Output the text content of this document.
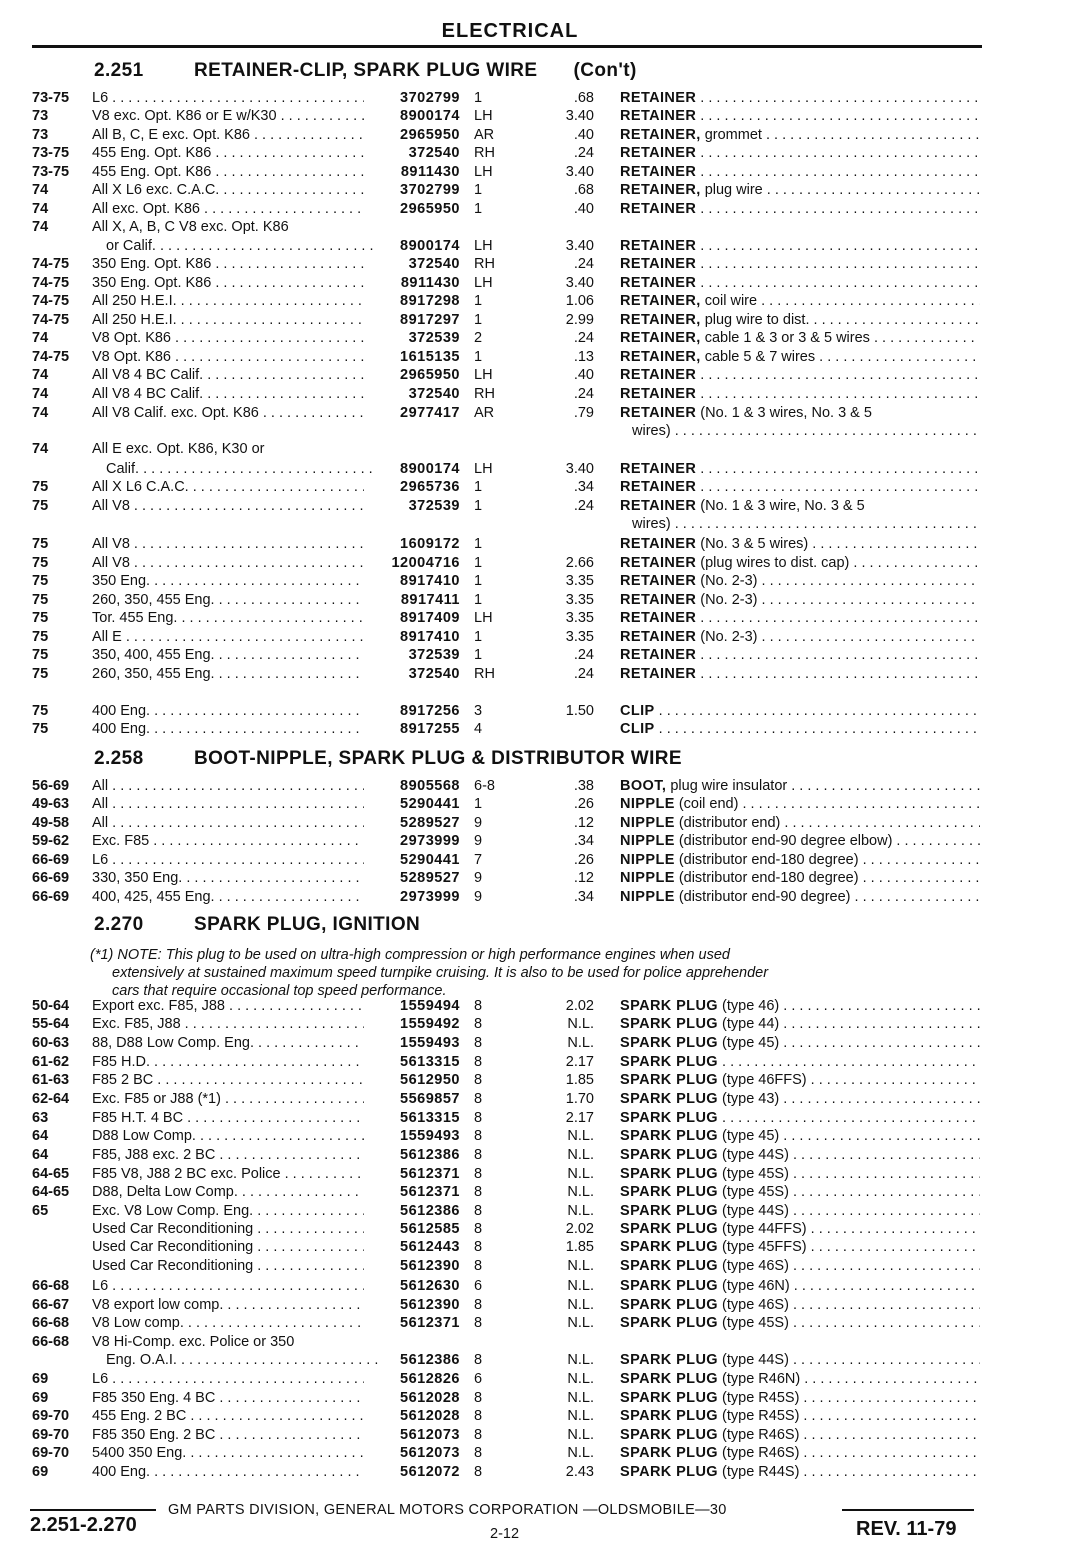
ELECTRICAL
2.251	RETAINER-CLIP, SPARK PLUG WIRE (Con't)
73-75	L6 . . .	3702799 1	.68 RETAINER . . .
73	V8 exc. Opt. K86 or E w/K30 . . .	8900174 LH	3.40 RETAINER . . .
73	All B, C, E exc. Opt. K86 . . .	2965950 AR	.40 RETAINER, grommet . . .
73-75	455 Eng. Opt. K86 . . .	372540 RH	.24 RETAINER . . .
73-75	455 Eng. Opt. K86 . . .	8911430 LH	3.40 RETAINER . . .
74	All X L6 exc. C.A.C. . . .	3702799 1	.68 RETAINER, plug wire . . .
74	All exc. Opt. K86 . . .	2965950 1	.40 RETAINER . . .
74	All X, A, B, C V8 exc. Opt. K86
or Calif. . . .	8900174 LH	3.40 RETAINER . . .
74-75	350 Eng. Opt. K86 . . .	372540 RH	.24 RETAINER . . .
74-75	350 Eng. Opt. K86 . . .	8911430 LH	3.40 RETAINER . . .
74-75	All 250 H.E.I. . . .	8917298 1	1.06 RETAINER, coil wire . . .
74-75	All 250 H.E.I. . . .	8917297 1	2.99 RETAINER, plug wire to dist. . . .
74	V8 Opt. K86 . . .	372539 2	.24 RETAINER, cable 1 & 3 or 3 & 5 wires . . .
74-75	V8 Opt. K86 . . .	1615135 1	.13 RETAINER, cable 5 & 7 wires . . .
74	All V8 4 BC Calif. . . .	2965950 LH	.40 RETAINER . . .
74	All V8 4 BC Calif. . . .	372540 RH	.24 RETAINER . . .
74	All V8 Calif. exc. Opt. K86 . . .	2977417 AR	.79 RETAINER (No. 1 & 3 wires, No. 3 & 5
wires) . . .
74	All E exc. Opt. K86, K30 or
Calif. . . .	8900174 LH	3.40 RETAINER . . .
75	All X L6 C.A.C. . . .	2965736 1	.34 RETAINER . . .
75	All V8 . . .	372539 1	.24 RETAINER (No. 1 & 3 wire, No. 3 & 5
wires) . . .
75	All V8 . . .	1609172 1	RETAINER (No. 3 & 5 wires) . . .
75	All V8 . . .	12004716 1	2.66 RETAINER (plug wires to dist. cap) . . .
75	350 Eng. . . .	8917410 1	3.35 RETAINER (No. 2-3) . . .
75	260, 350, 455 Eng. . . .	8917411 1	3.35 RETAINER (No. 2-3) . . .
75	Tor. 455 Eng. . . .	8917409 LH	3.35 RETAINER . . .
75	All E . . .	8917410 1	3.35 RETAINER (No. 2-3) . . .
75	350, 400, 455 Eng. . . .	372539 1	.24 RETAINER . . .
75	260, 350, 455 Eng. . . .	372540 RH	.24 RETAINER . . .
75	400 Eng. . . .	8917256 3	1.50 CLIP . . .
75	400 Eng. . . .	8917255 4	CLIP . . .
2.258	BOOT-NIPPLE, SPARK PLUG & DISTRIBUTOR WIRE
56-69	All . . .	8905568 6-8	.38 BOOT, plug wire insulator . . .
49-63	All . . .	5290441 1	.26 NIPPLE (coil end) . . .
49-58	All . . .	5289527 9	.12 NIPPLE (distributor end) . . .
59-62	Exc. F85 . . .	2973999 9	.34 NIPPLE (distributor end-90 degree elbow) . . .
66-69	L6 . . .	5290441 7	.26 NIPPLE (distributor end-180 degree) . . .
66-69	330, 350 Eng. . . .	5289527 9	.12 NIPPLE (distributor end-180 degree) . . .
66-69	400, 425, 455 Eng. . . .	2973999 9	.34 NIPPLE (distributor end-90 degree) . . .
2.270	SPARK PLUG, IGNITION
(*1) NOTE: This plug to be used on ultra-high compression or high performance engines when used
extensively at sustained maximum speed turnpike cruising. It is also to be used for police apprehender
cars that require occasional top speed performance.
50-64	Export exc. F85, J88 . . .	1559494 8	2.02 SPARK PLUG (type 46) . . .
55-64	Exc. F85, J88 . . .	1559492 8	N.L. SPARK PLUG (type 44) . . .
60-63	88, D88 Low Comp. Eng. . . .	1559493 8	N.L. SPARK PLUG (type 45) . . .
61-62	F85 H.D. . . .	5613315 8	2.17 SPARK PLUG . . .
61-63	F85 2 BC . . .	5612950 8	1.85 SPARK PLUG (type 46FFS) . . .
62-64	Exc. F85 or J88 (*1) . . .	5569857 8	1.70 SPARK PLUG (type 43) . . .
63	F85 H.T. 4 BC . . .	5613315 8	2.17 SPARK PLUG . . .
64	D88 Low Comp. . . .	1559493 8	N.L. SPARK PLUG (type 45) . . .
64	F85, J88 exc. 2 BC . . .	5612386 8	N.L. SPARK PLUG (type 44S) . . .
64-65	F85 V8, J88 2 BC exc. Police . . .	5612371 8	N.L. SPARK PLUG (type 45S) . . .
64-65	D88, Delta Low Comp. . . .	5612371 8	N.L. SPARK PLUG (type 45S) . . .
65	Exc. V8 Low Comp. Eng. . . .	5612386 8	N.L. SPARK PLUG (type 44S) . . .
Used Car Reconditioning . . .	5612585 8	2.02 SPARK PLUG (type 44FFS) . . .
Used Car Reconditioning . . .	5612443 8	1.85 SPARK PLUG (type 45FFS) . . .
Used Car Reconditioning . . .	5612390 8	N.L. SPARK PLUG (type 46S) . . .
66-68	L6 . . .	5612630 6	N.L. SPARK PLUG (type 46N) . . .
66-67	V8 export low comp. . . .	5612390 8	N.L. SPARK PLUG (type 46S) . . .
66-68	V8 Low comp. . . .	5612371 8	N.L. SPARK PLUG (type 45S) . . .
66-68	V8 Hi-Comp. exc. Police or 350
Eng. O.A.I. . . .	5612386 8	N.L. SPARK PLUG (type 44S) . . .
69	L6 . . .	5612826 6	N.L. SPARK PLUG (type R46N) . . .
69	F85 350 Eng. 4 BC . . .	5612028 8	N.L. SPARK PLUG (type R45S) . . .
69-70	455 Eng. 2 BC . . .	5612028 8	N.L. SPARK PLUG (type R45S) . . .
69-70	F85 350 Eng. 2 BC . . .	5612073 8	N.L. SPARK PLUG (type R46S) . . .
69-70	5400 350 Eng. . . .	5612073 8	N.L. SPARK PLUG (type R46S) . . .
69	400 Eng. . . .	5612072 8	2.43 SPARK PLUG (type R44S) . . .
2.251-2.270
GM PARTS DIVISION, GENERAL MOTORS CORPORATION —OLDSMOBILE—30
2-12	REV. 11-79
